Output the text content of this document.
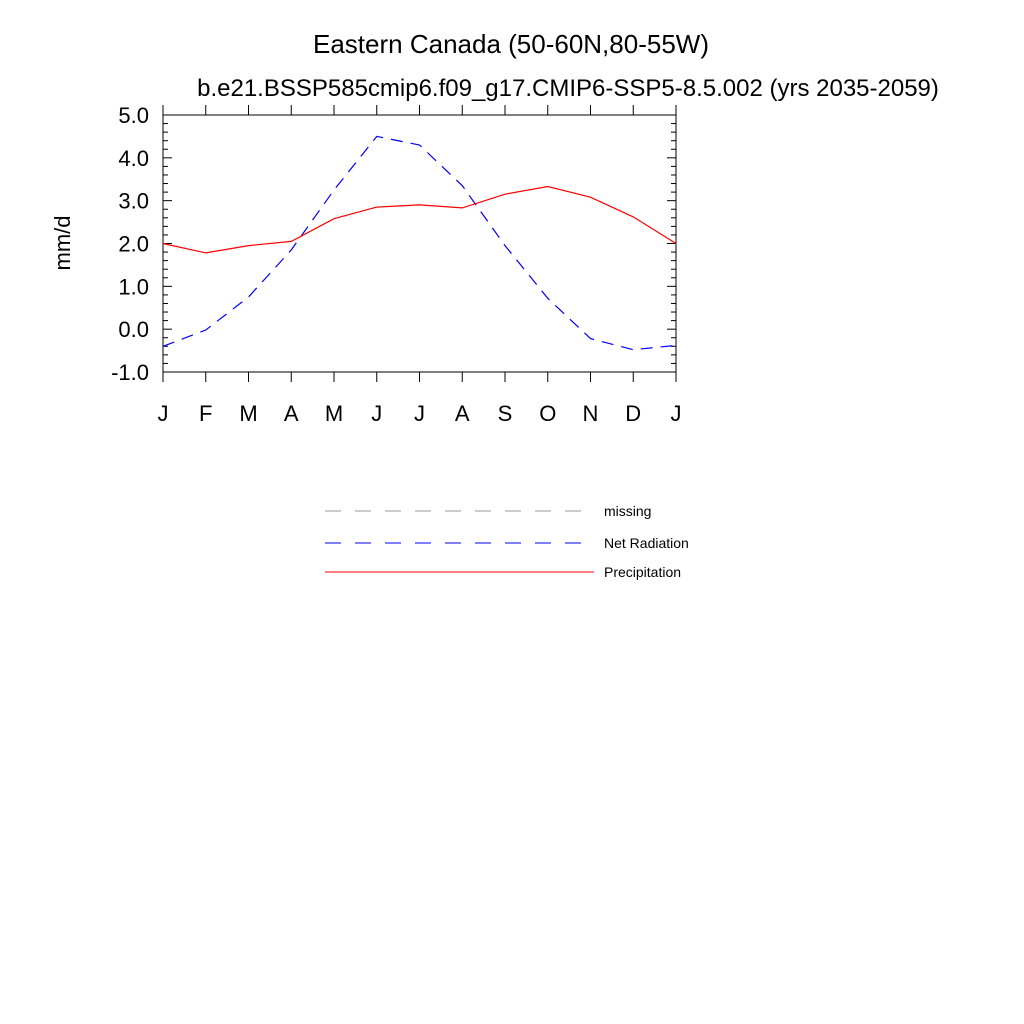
Eastern Canada (50-60N,80-55W)
b.e21.BSSP585cmip6.f09_g17.CMIP6-SSP5-8.5.002 (yrs 2035-2059)
mm/d
-1.0
0.0
1.0
2.0
3.0
4.0
5.0
J F M A M J J A S O N D J
missing
Net Radiation
Precipitation
